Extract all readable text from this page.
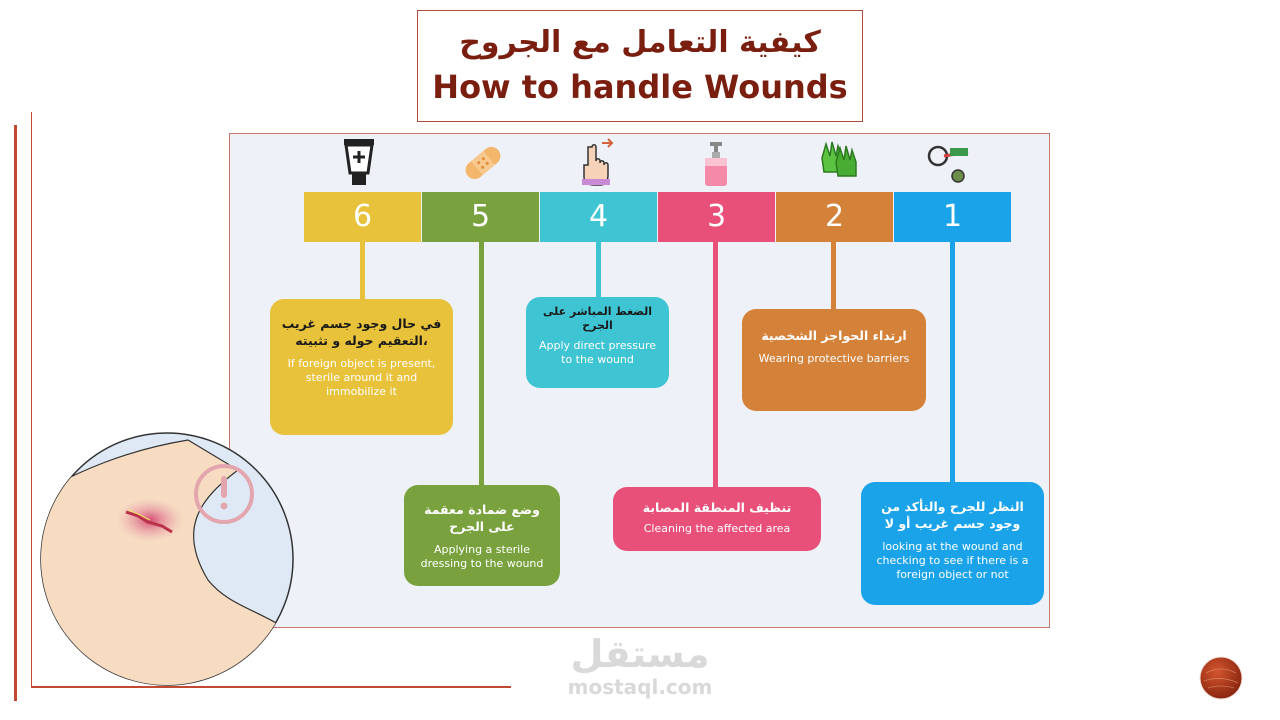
كيفية التعامل مع الجروح
How to handle Wounds
6	5	4	3	2	1
في حال وجود جسم غريب ،التعقيم حوله و تثبيته
If foreign object is present, sterile around it and immobilize it
الضغط المباشر على الجرح
Apply direct pressure to the wound
ارتداء الحواجز الشخصية
Wearing protective barriers
وضع ضمادة معقمة على الجرح
Applying a sterile dressing to the wound
تنظيف المنطقة المصابة
Cleaning the affected area
النظر للجرح والتأكد من وجود جسم غريب أو لا
looking at the wound and checking to see if there is a foreign object or not
مستقل
mostaql.com
